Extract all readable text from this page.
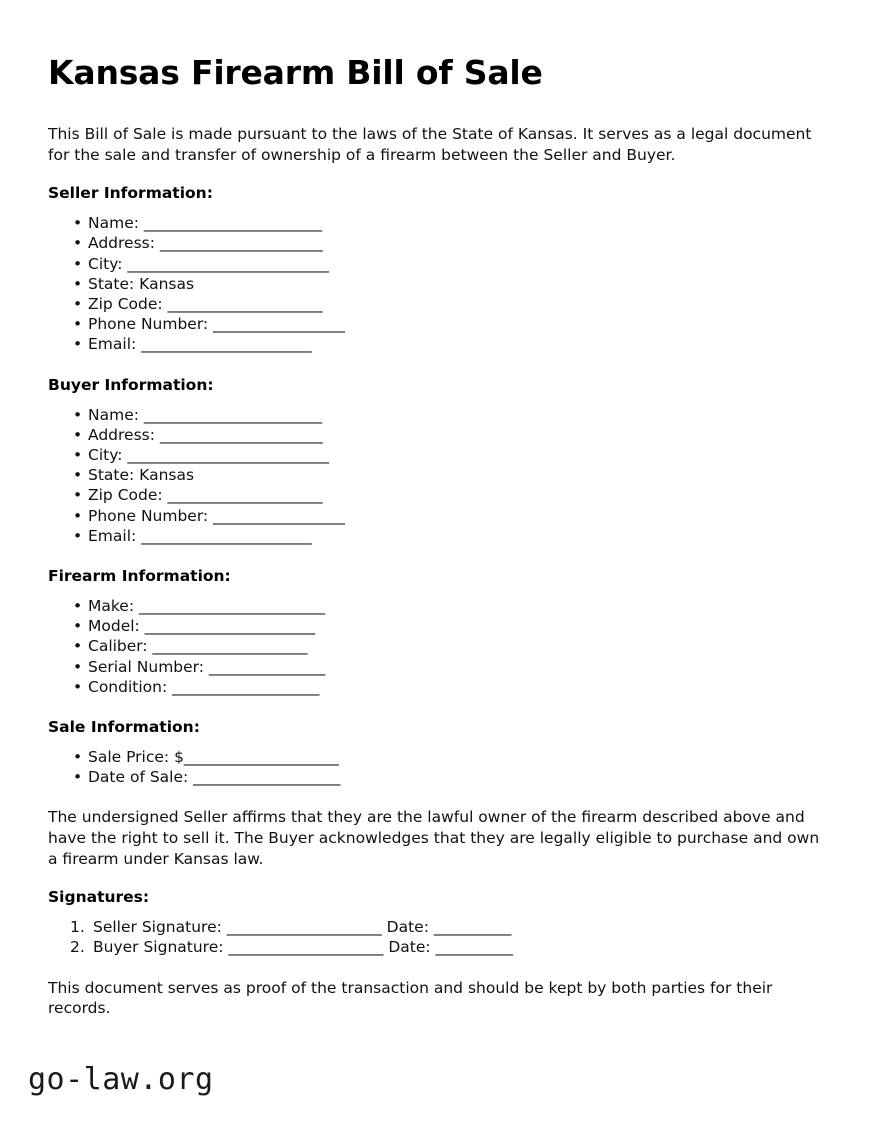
Kansas Firearm Bill of Sale

This Bill of Sale is made pursuant to the laws of the State of Kansas. It serves as a legal document for the sale and transfer of ownership of a firearm between the Seller and Buyer.

Seller Information:
• Name: _______________________
• Address: _____________________
• City: __________________________
• State: Kansas
• Zip Code: ____________________
• Phone Number: _________________
• Email: ______________________
Buyer Information:
• Name: _______________________
• Address: _____________________
• City: __________________________
• State: Kansas
• Zip Code: ____________________
• Phone Number: _________________
• Email: ______________________
Firearm Information:
• Make: ________________________
• Model: ______________________
• Caliber: ____________________
• Serial Number: _______________
• Condition: ___________________
Sale Information:
• Sale Price: $____________________
• Date of Sale: ___________________

The undersigned Seller affirms that they are the lawful owner of the firearm described above and have the right to sell it. The Buyer acknowledges that they are legally eligible to purchase and own a firearm under Kansas law.

Signatures:
Seller Signature: ____________________ Date: __________
Buyer Signature: ____________________ Date: __________

This document serves as proof of the transaction and should be kept by both parties for their records.

go-law.org
